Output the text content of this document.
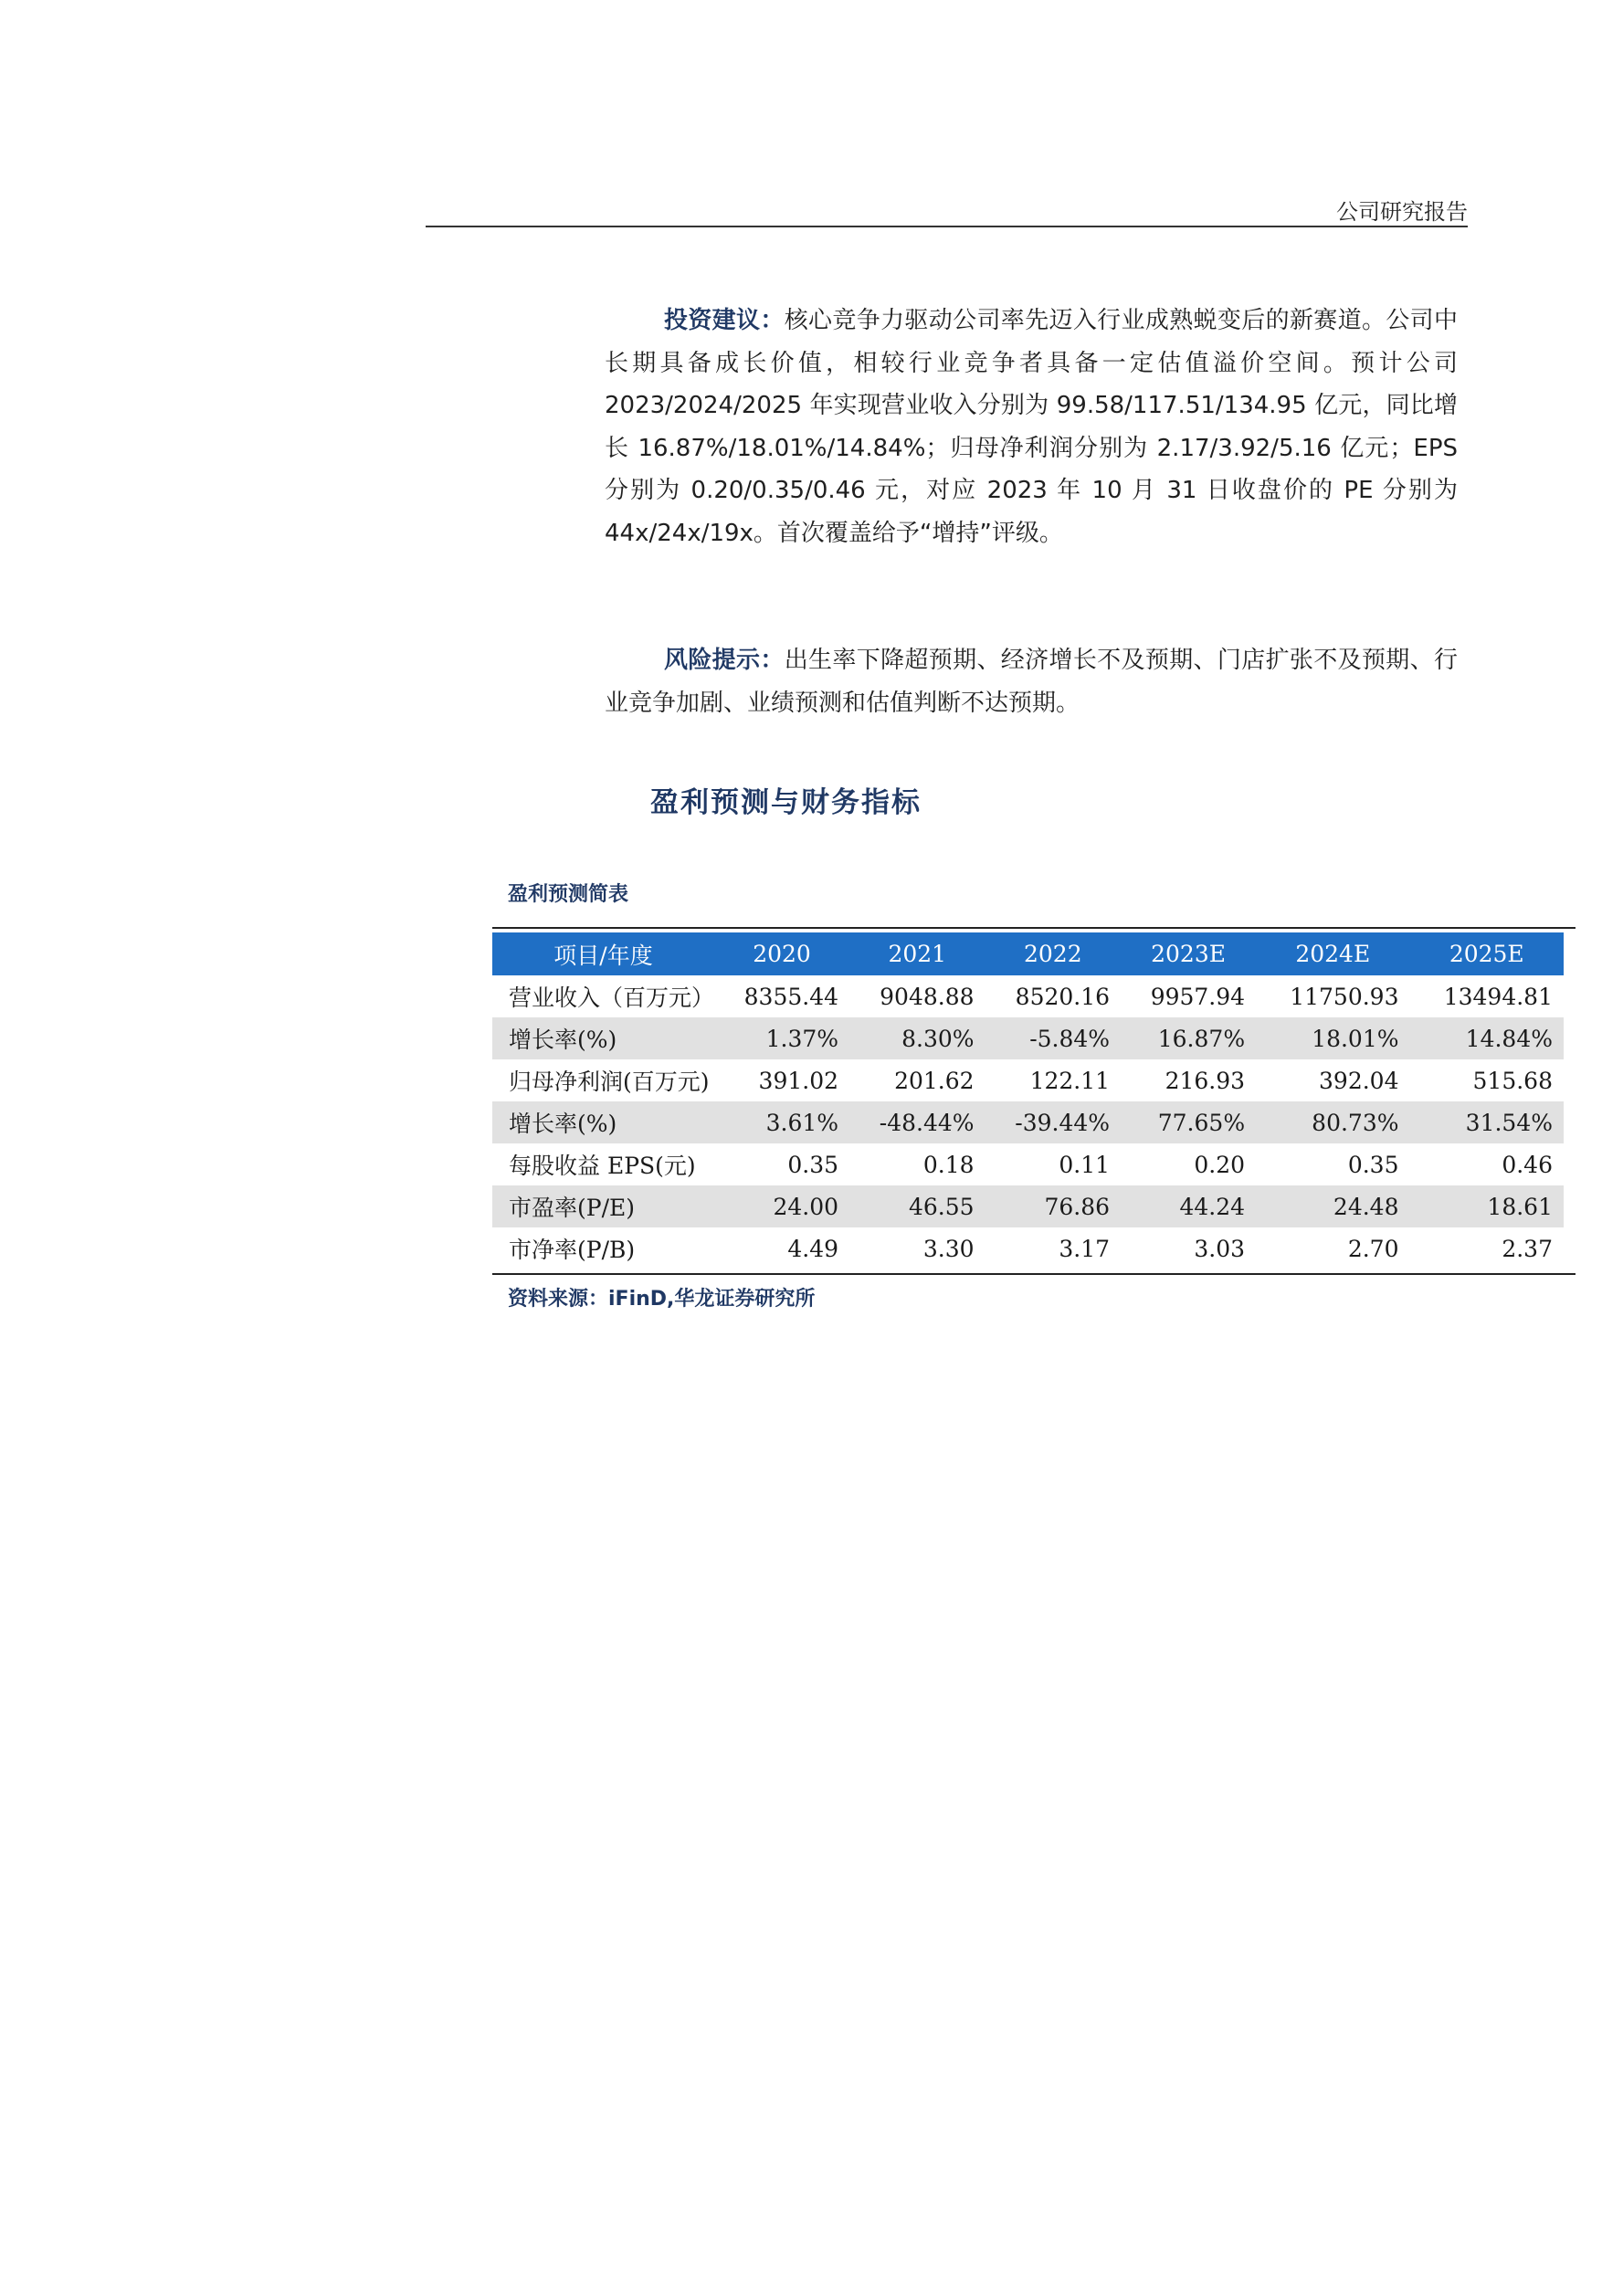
公司研究报告

投资建议：核心竞争力驱动公司率先迈入行业成熟蜕变后的新赛道。公司中长期具备成长价值，相较行业竞争者具备一定估值溢价空间。预计公司 2023/2024/2025 年实现营业收入分别为 99.58/117.51/134.95 亿元，同比增长 16.87%/18.01%/14.84%；归母净利润分别为 2.17/3.92/5.16 亿元；EPS 分别为 0.20/0.35/0.46 元，对应 2023 年 10 月 31 日收盘价的 PE 分别为 44x/24x/19x。首次覆盖给予“增持”评级。

风险提示：出生率下降超预期、经济增长不及预期、门店扩张不及预期、行业竞争加剧、业绩预测和估值判断不达预期。

盈利预测与财务指标
盈利预测简表
项目/年度	2020	2021	2022	2023E	2024E	2025E
营业收入（百万元）	8355.44	9048.88	8520.16	9957.94	11750.93	13494.81
增长率(%)	1.37%	8.30%	-5.84%	16.87%	18.01%	14.84%
归母净利润(百万元)	391.02	201.62	122.11	216.93	392.04	515.68
增长率(%)	3.61%	-48.44%	-39.44%	77.65%	80.73%	31.54%
每股收益 EPS(元)	0.35	0.18	0.11	0.20	0.35	0.46
市盈率(P/E)	24.00	46.55	76.86	44.24	24.48	18.61
市净率(P/B)	4.49	3.30	3.17	3.03	2.70	2.37
资料来源：iFinD,华龙证券研究所
